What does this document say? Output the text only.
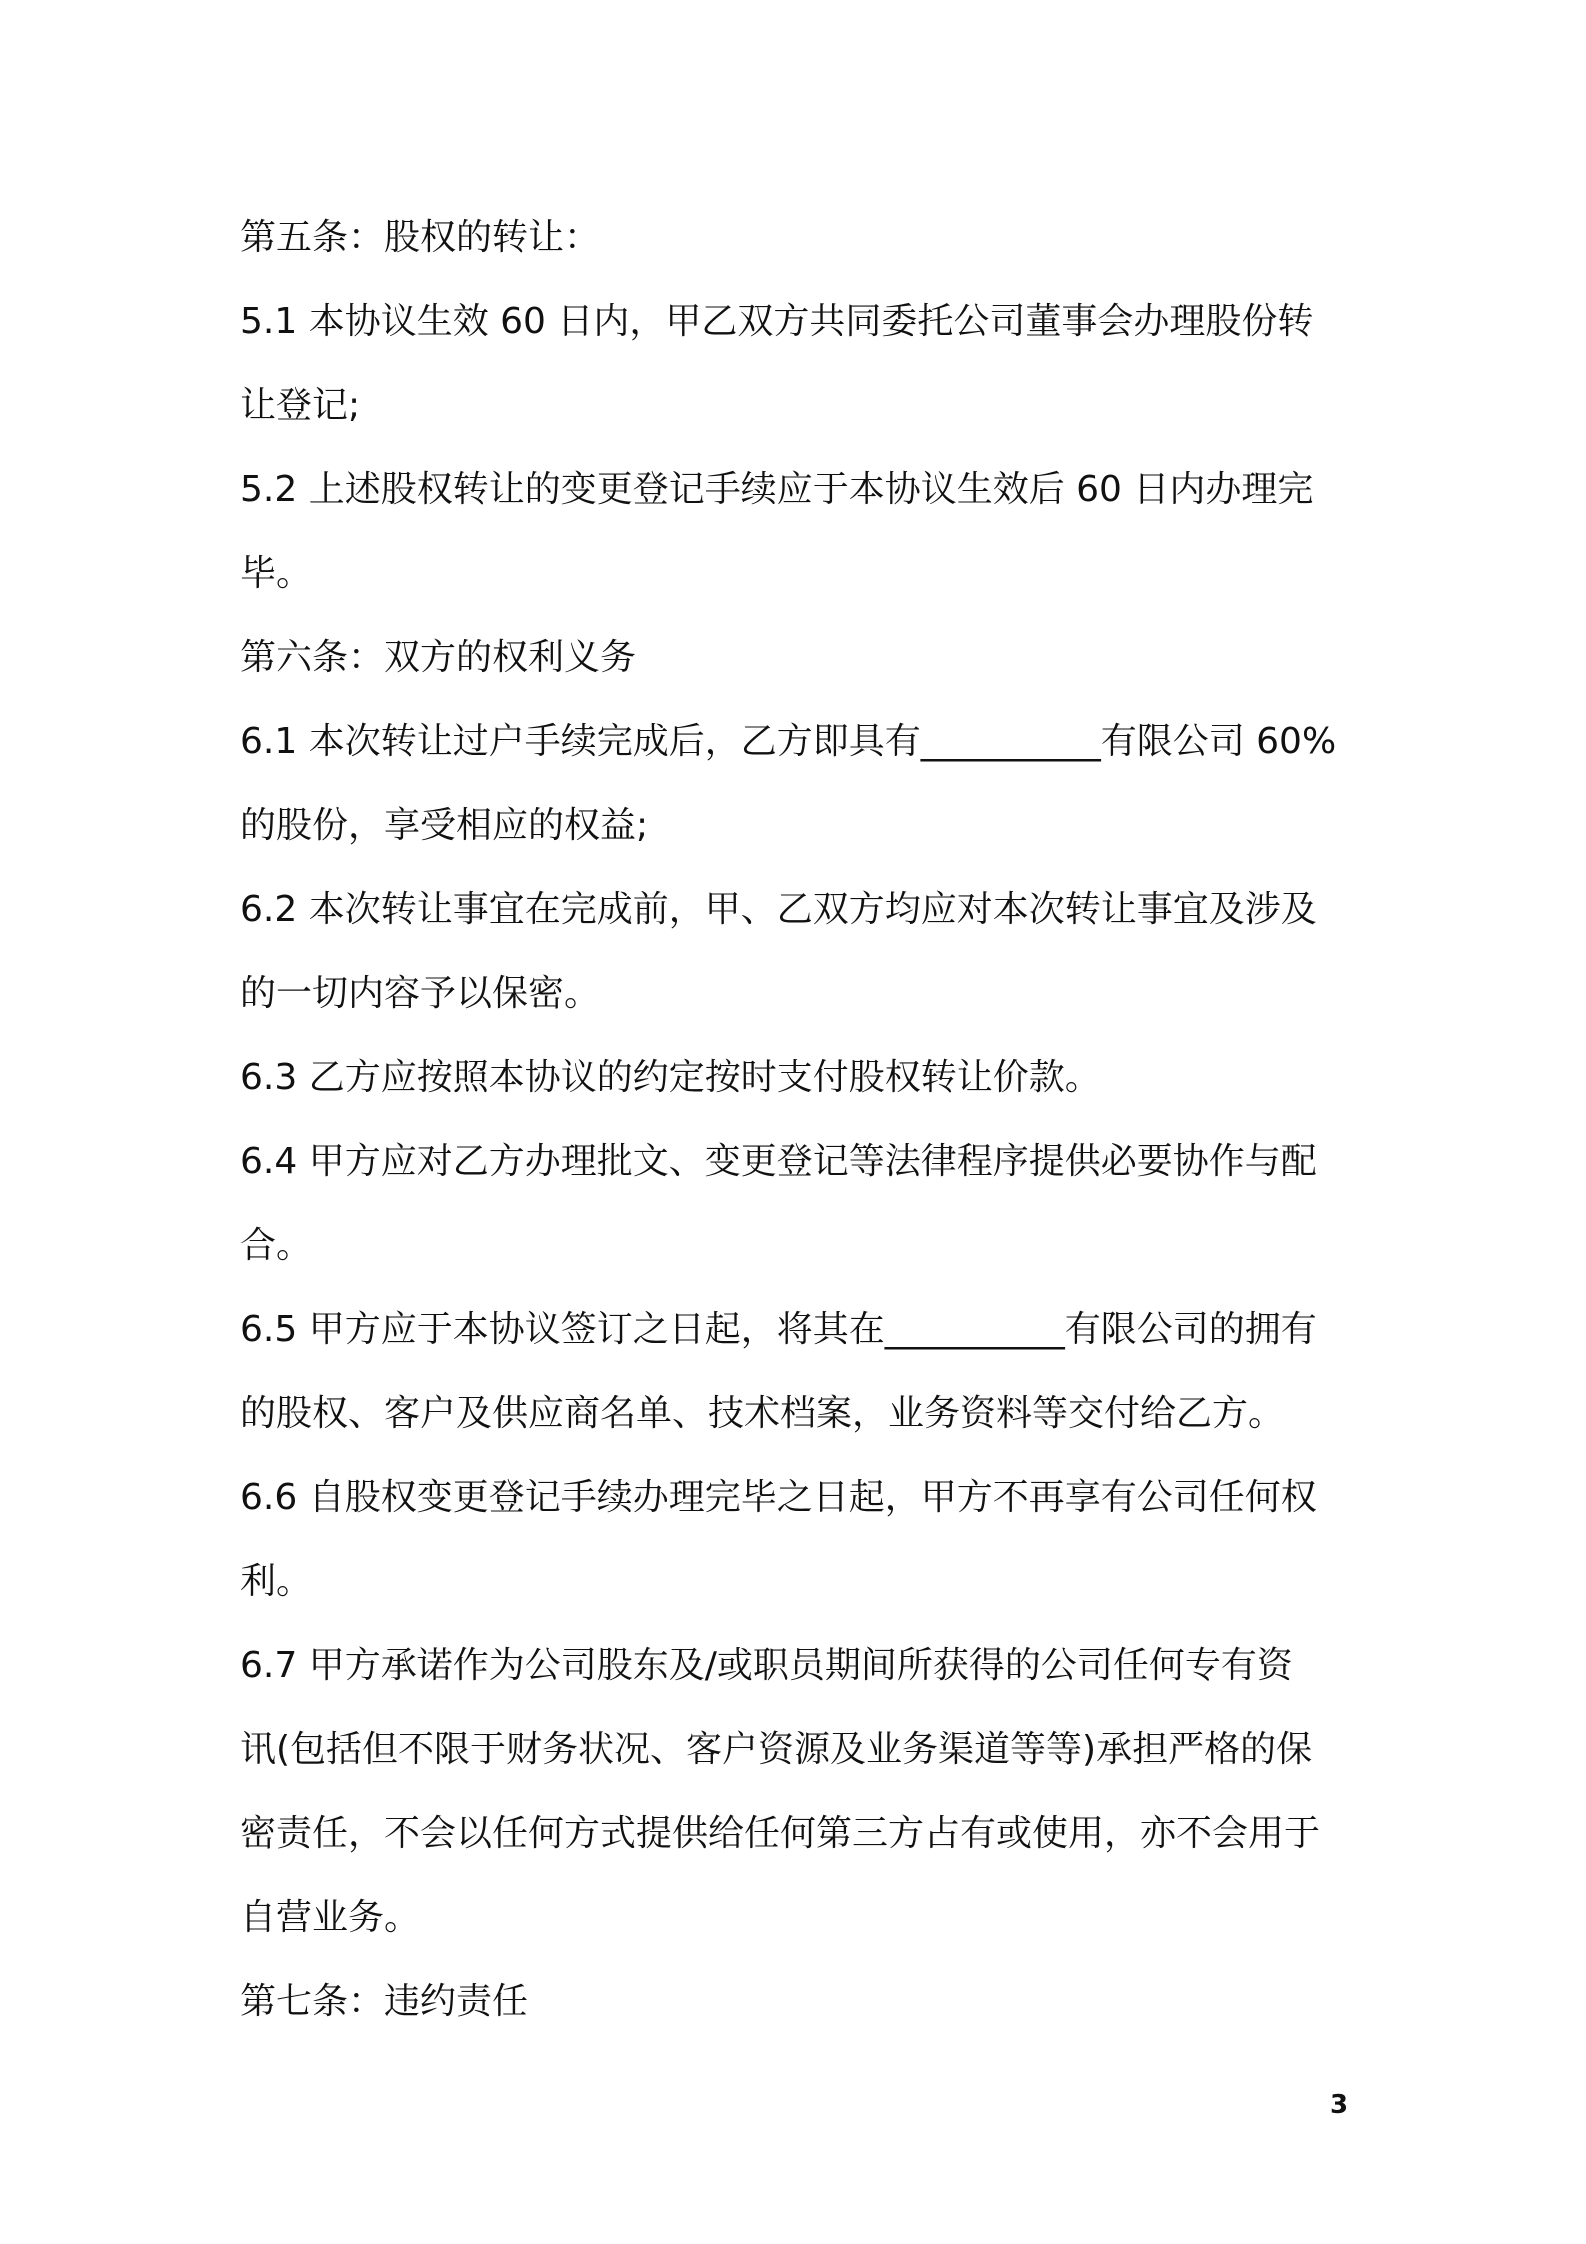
第五条：股权的转让：

5.1 本协议生效 60 日内，甲乙双方共同委托公司董事会办理股份转

让登记;

5.2 上述股权转让的变更登记手续应于本协议生效后 60 日内办理完

毕。

第六条：双方的权利义务

6.1 本次转让过户手续完成后，乙方即具有__________有限公司 60%

的股份，享受相应的权益;

6.2 本次转让事宜在完成前，甲、乙双方均应对本次转让事宜及涉及

的一切内容予以保密。

6.3 乙方应按照本协议的约定按时支付股权转让价款。

6.4 甲方应对乙方办理批文、变更登记等法律程序提供必要协作与配

合。

6.5 甲方应于本协议签订之日起，将其在__________有限公司的拥有

的股权、客户及供应商名单、技术档案，业务资料等交付给乙方。

6.6 自股权变更登记手续办理完毕之日起，甲方不再享有公司任何权

利。

6.7 甲方承诺作为公司股东及/或职员期间所获得的公司任何专有资

讯(包括但不限于财务状况、客户资源及业务渠道等等)承担严格的保

密责任，不会以任何方式提供给任何第三方占有或使用，亦不会用于

自营业务。

第七条：违约责任

3
